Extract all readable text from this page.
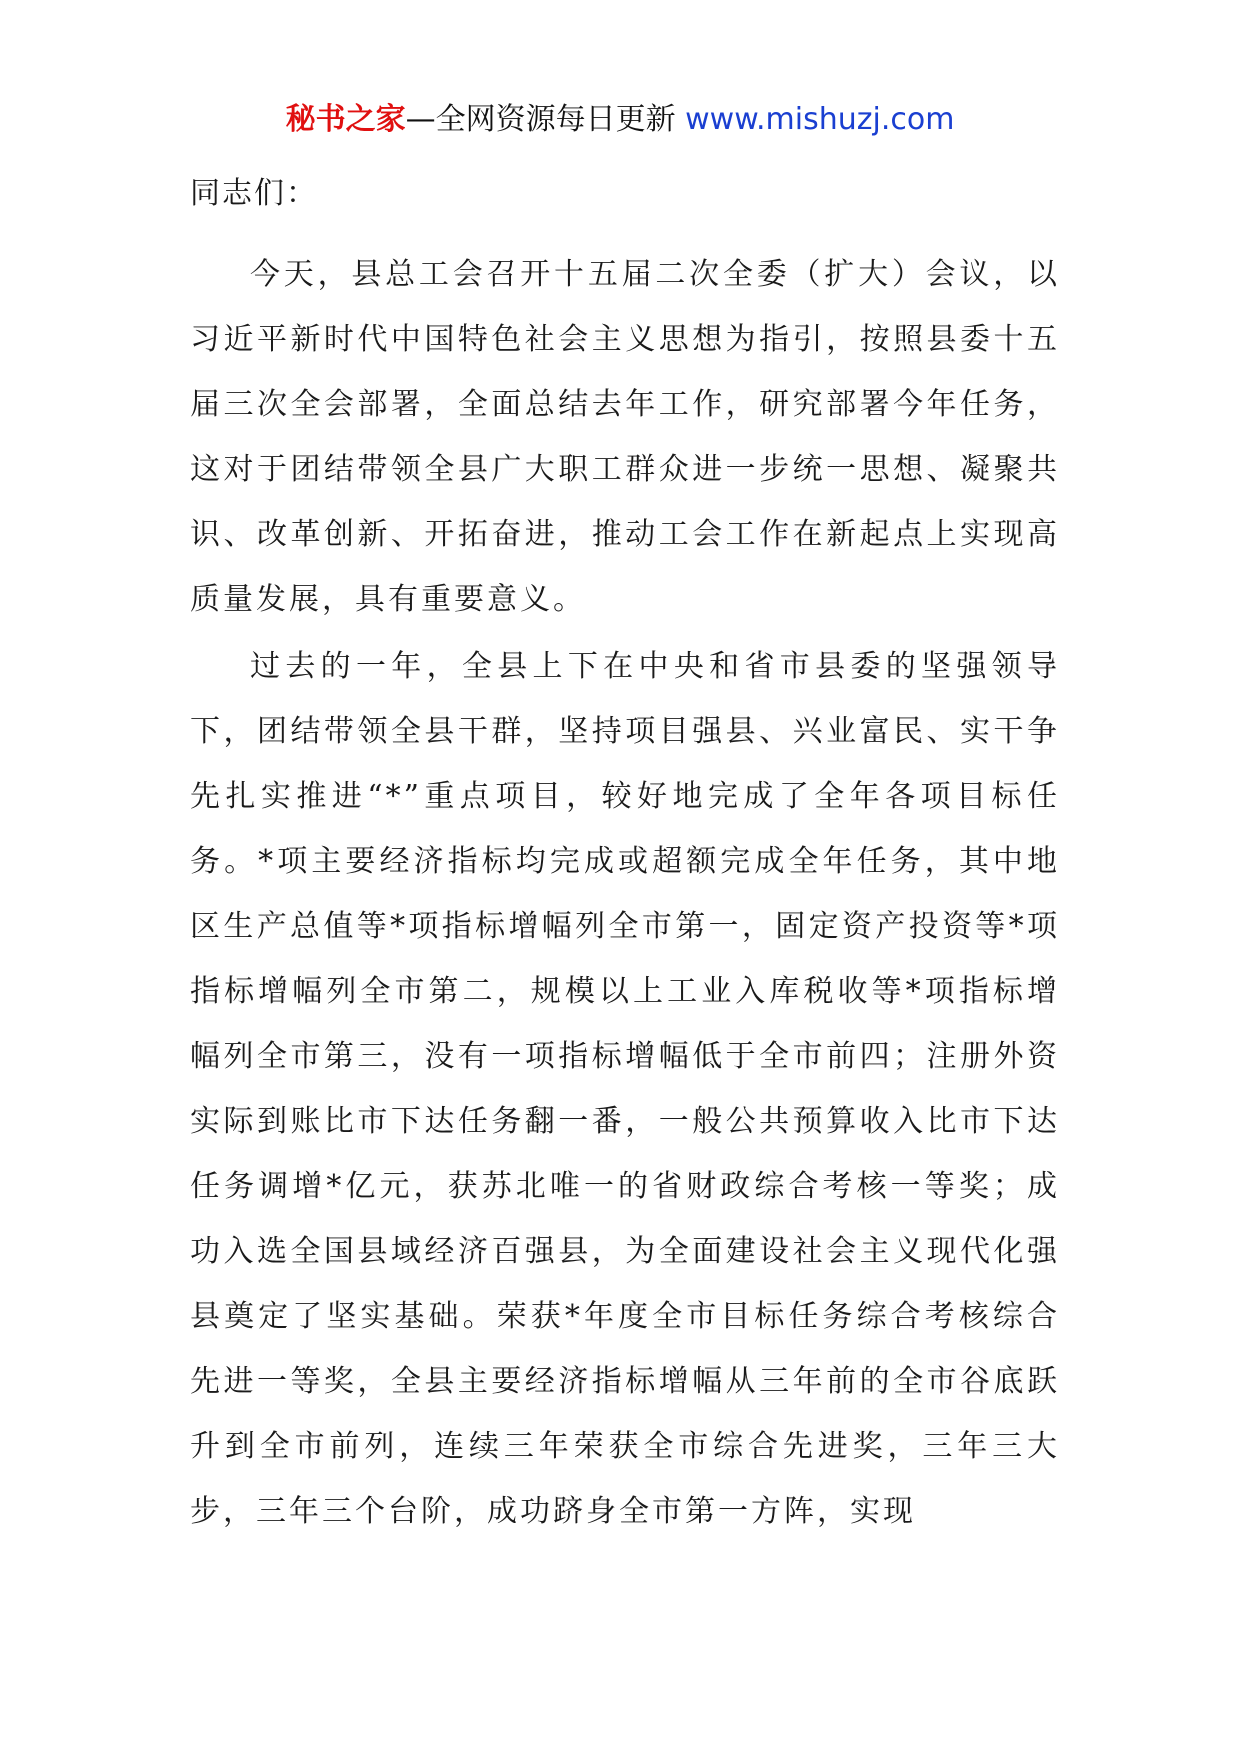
秘书之家—全网资源每日更新 www.mishuzj.com

同志们：

今天，县总工会召开十五届二次全委（扩大）会议，以习近平新时代中国特色社会主义思想为指引，按照县委十五届三次全会部署，全面总结去年工作，研究部署今年任务，这对于团结带领全县广大职工群众进一步统一思想、凝聚共识、改革创新、开拓奋进，推动工会工作在新起点上实现高质量发展，具有重要意义。

过去的一年，全县上下在中央和省市县委的坚强领导下，团结带领全县干群，坚持项目强县、兴业富民、实干争先扎实推进“*”重点项目，较好地完成了全年各项目标任务。*项主要经济指标均完成或超额完成全年任务，其中地区生产总值等*项指标增幅列全市第一，固定资产投资等*项指标增幅列全市第二，规模以上工业入库税收等*项指标增幅列全市第三，没有一项指标增幅低于全市前四；注册外资实际到账比市下达任务翻一番，一般公共预算收入比市下达任务调增*亿元，获苏北唯一的省财政综合考核一等奖；成功入选全国县域经济百强县，为全面建设社会主义现代化强县奠定了坚实基础。荣获*年度全市目标任务综合考核综合先进一等奖，全县主要经济指标增幅从三年前的全市谷底跃升到全市前列，连续三年荣获全市综合先进奖，三年三大步，三年三个台阶，成功跻身全市第一方阵，实现
